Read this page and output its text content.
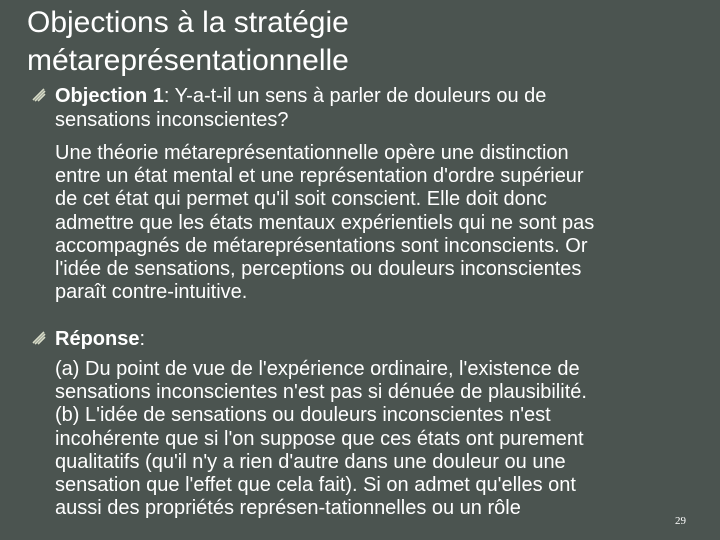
Objections à la stratégie
métareprésentationnelle
Objection 1: Y-a-t-il un sens à parler de douleurs ou de
sensations inconscientes?
Une théorie métareprésentationnelle opère une distinction
entre un état mental et une représentation d'ordre supérieur
de cet état qui permet qu'il soit conscient. Elle doit donc
admettre que les états mentaux expérientiels qui ne sont pas
accompagnés de métareprésentations sont inconscients. Or
l'idée de sensations, perceptions ou douleurs inconscientes
paraît contre-intuitive.
Réponse:
(a) Du point de vue de l'expérience ordinaire, l'existence de
sensations inconscientes n'est pas si dénuée de plausibilité.
(b) L'idée de sensations ou douleurs inconscientes n'est
incohérente que si l'on suppose que ces états ont purement
qualitatifs (qu'il n'y a rien d'autre dans une douleur ou une
sensation que l'effet que cela fait). Si on admet qu'elles ont
aussi des propriétés représen-tationnelles ou un rôle
29
